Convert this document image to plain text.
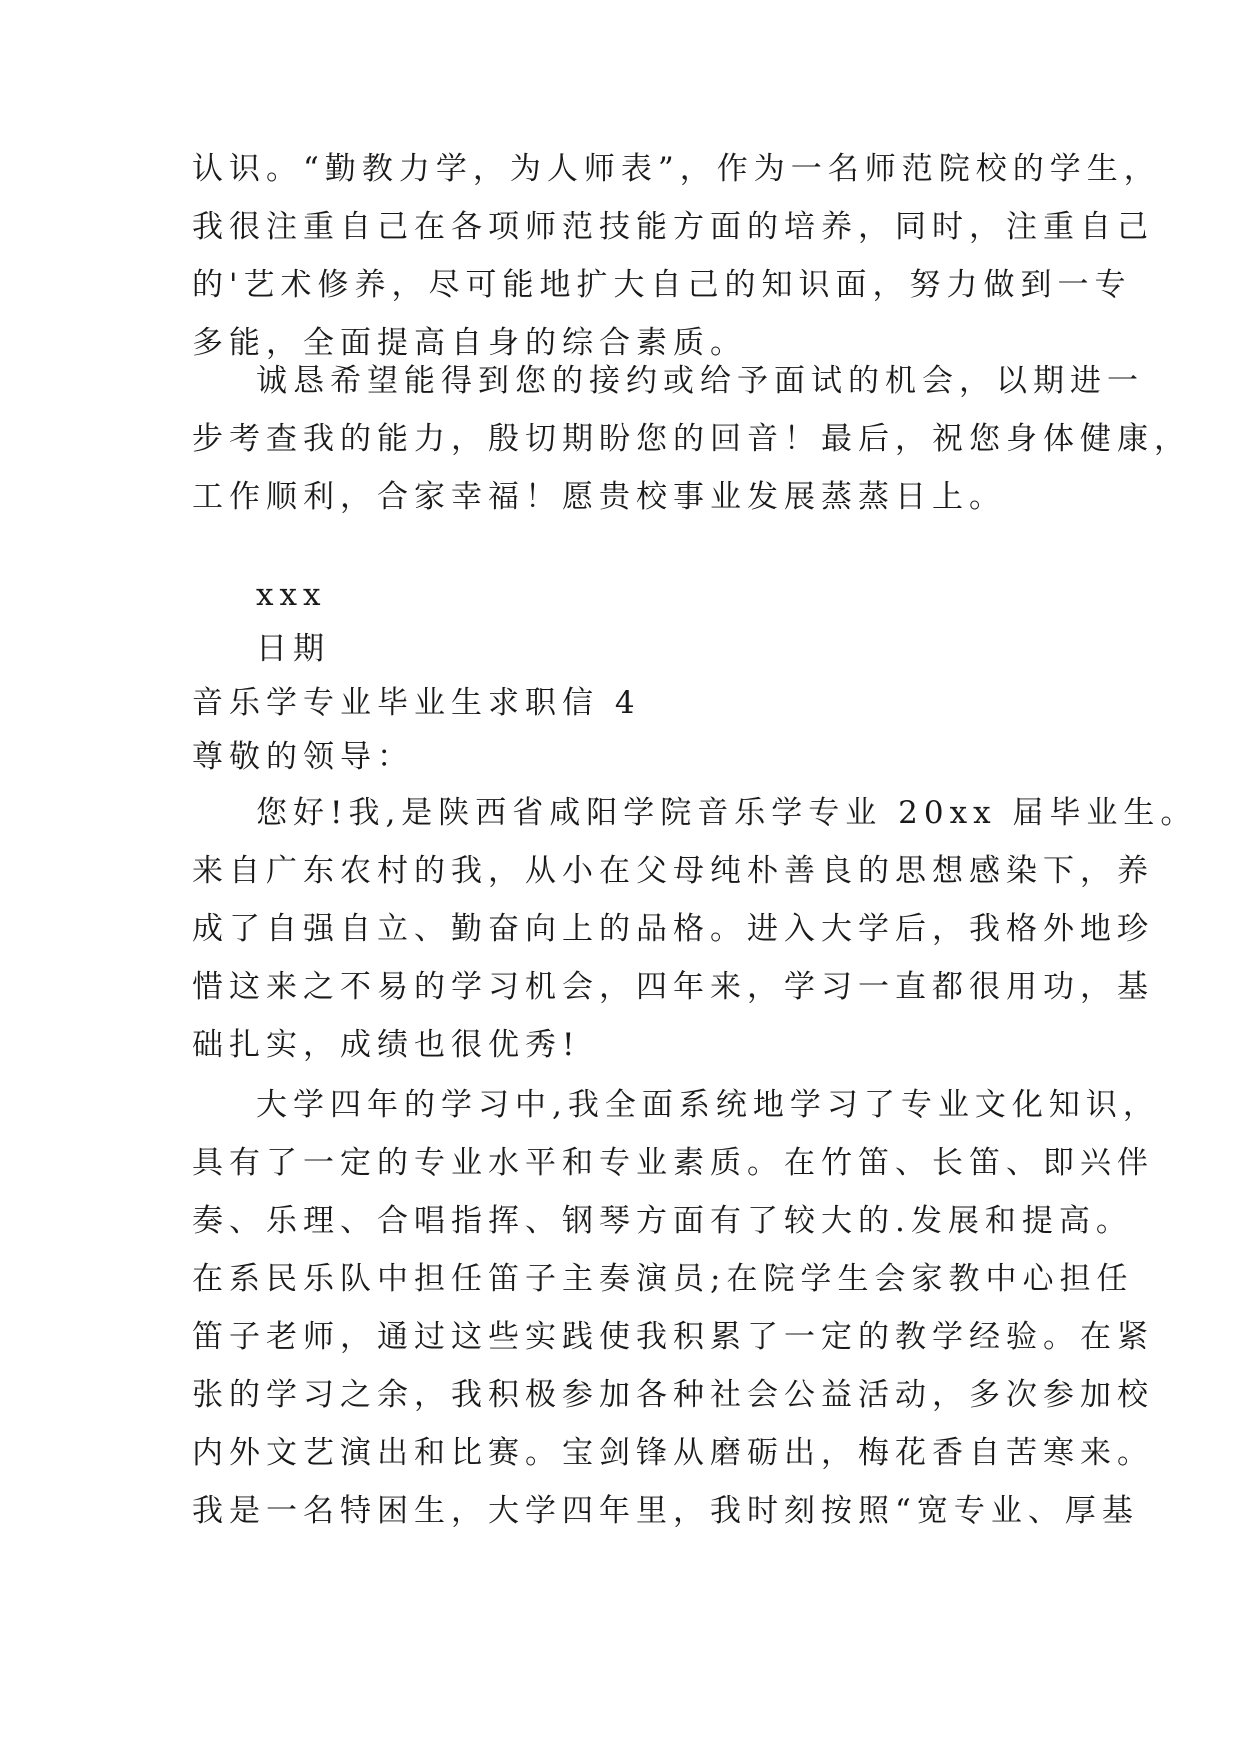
认识。“勤教力学，为人师表”，作为一名师范院校的学生，
我很注重自己在各项师范技能方面的培养，同时，注重自己
的'艺术修养，尽可能地扩大自己的知识面，努力做到一专
多能，全面提高自身的综合素质。
诚恳希望能得到您的接约或给予面试的机会，以期进一
步考查我的能力，殷切期盼您的回音！最后，祝您身体健康，
工作顺利，合家幸福！愿贵校事业发展蒸蒸日上。
xxx
日期
音乐学专业毕业生求职信 4
尊敬的领导：
您好!我,是陕西省咸阳学院音乐学专业 20xx 届毕业生。
来自广东农村的我，从小在父母纯朴善良的思想感染下，养
成了自强自立、勤奋向上的品格。进入大学后，我格外地珍
惜这来之不易的学习机会，四年来，学习一直都很用功，基
础扎实，成绩也很优秀!
大学四年的学习中,我全面系统地学习了专业文化知识，
具有了一定的专业水平和专业素质。在竹笛、长笛、即兴伴
奏、乐理、合唱指挥、钢琴方面有了较大的.发展和提高。
在系民乐队中担任笛子主奏演员;在院学生会家教中心担任
笛子老师，通过这些实践使我积累了一定的教学经验。在紧
张的学习之余，我积极参加各种社会公益活动，多次参加校
内外文艺演出和比赛。宝剑锋从磨砺出，梅花香自苦寒来。
我是一名特困生，大学四年里，我时刻按照“宽专业、厚基
